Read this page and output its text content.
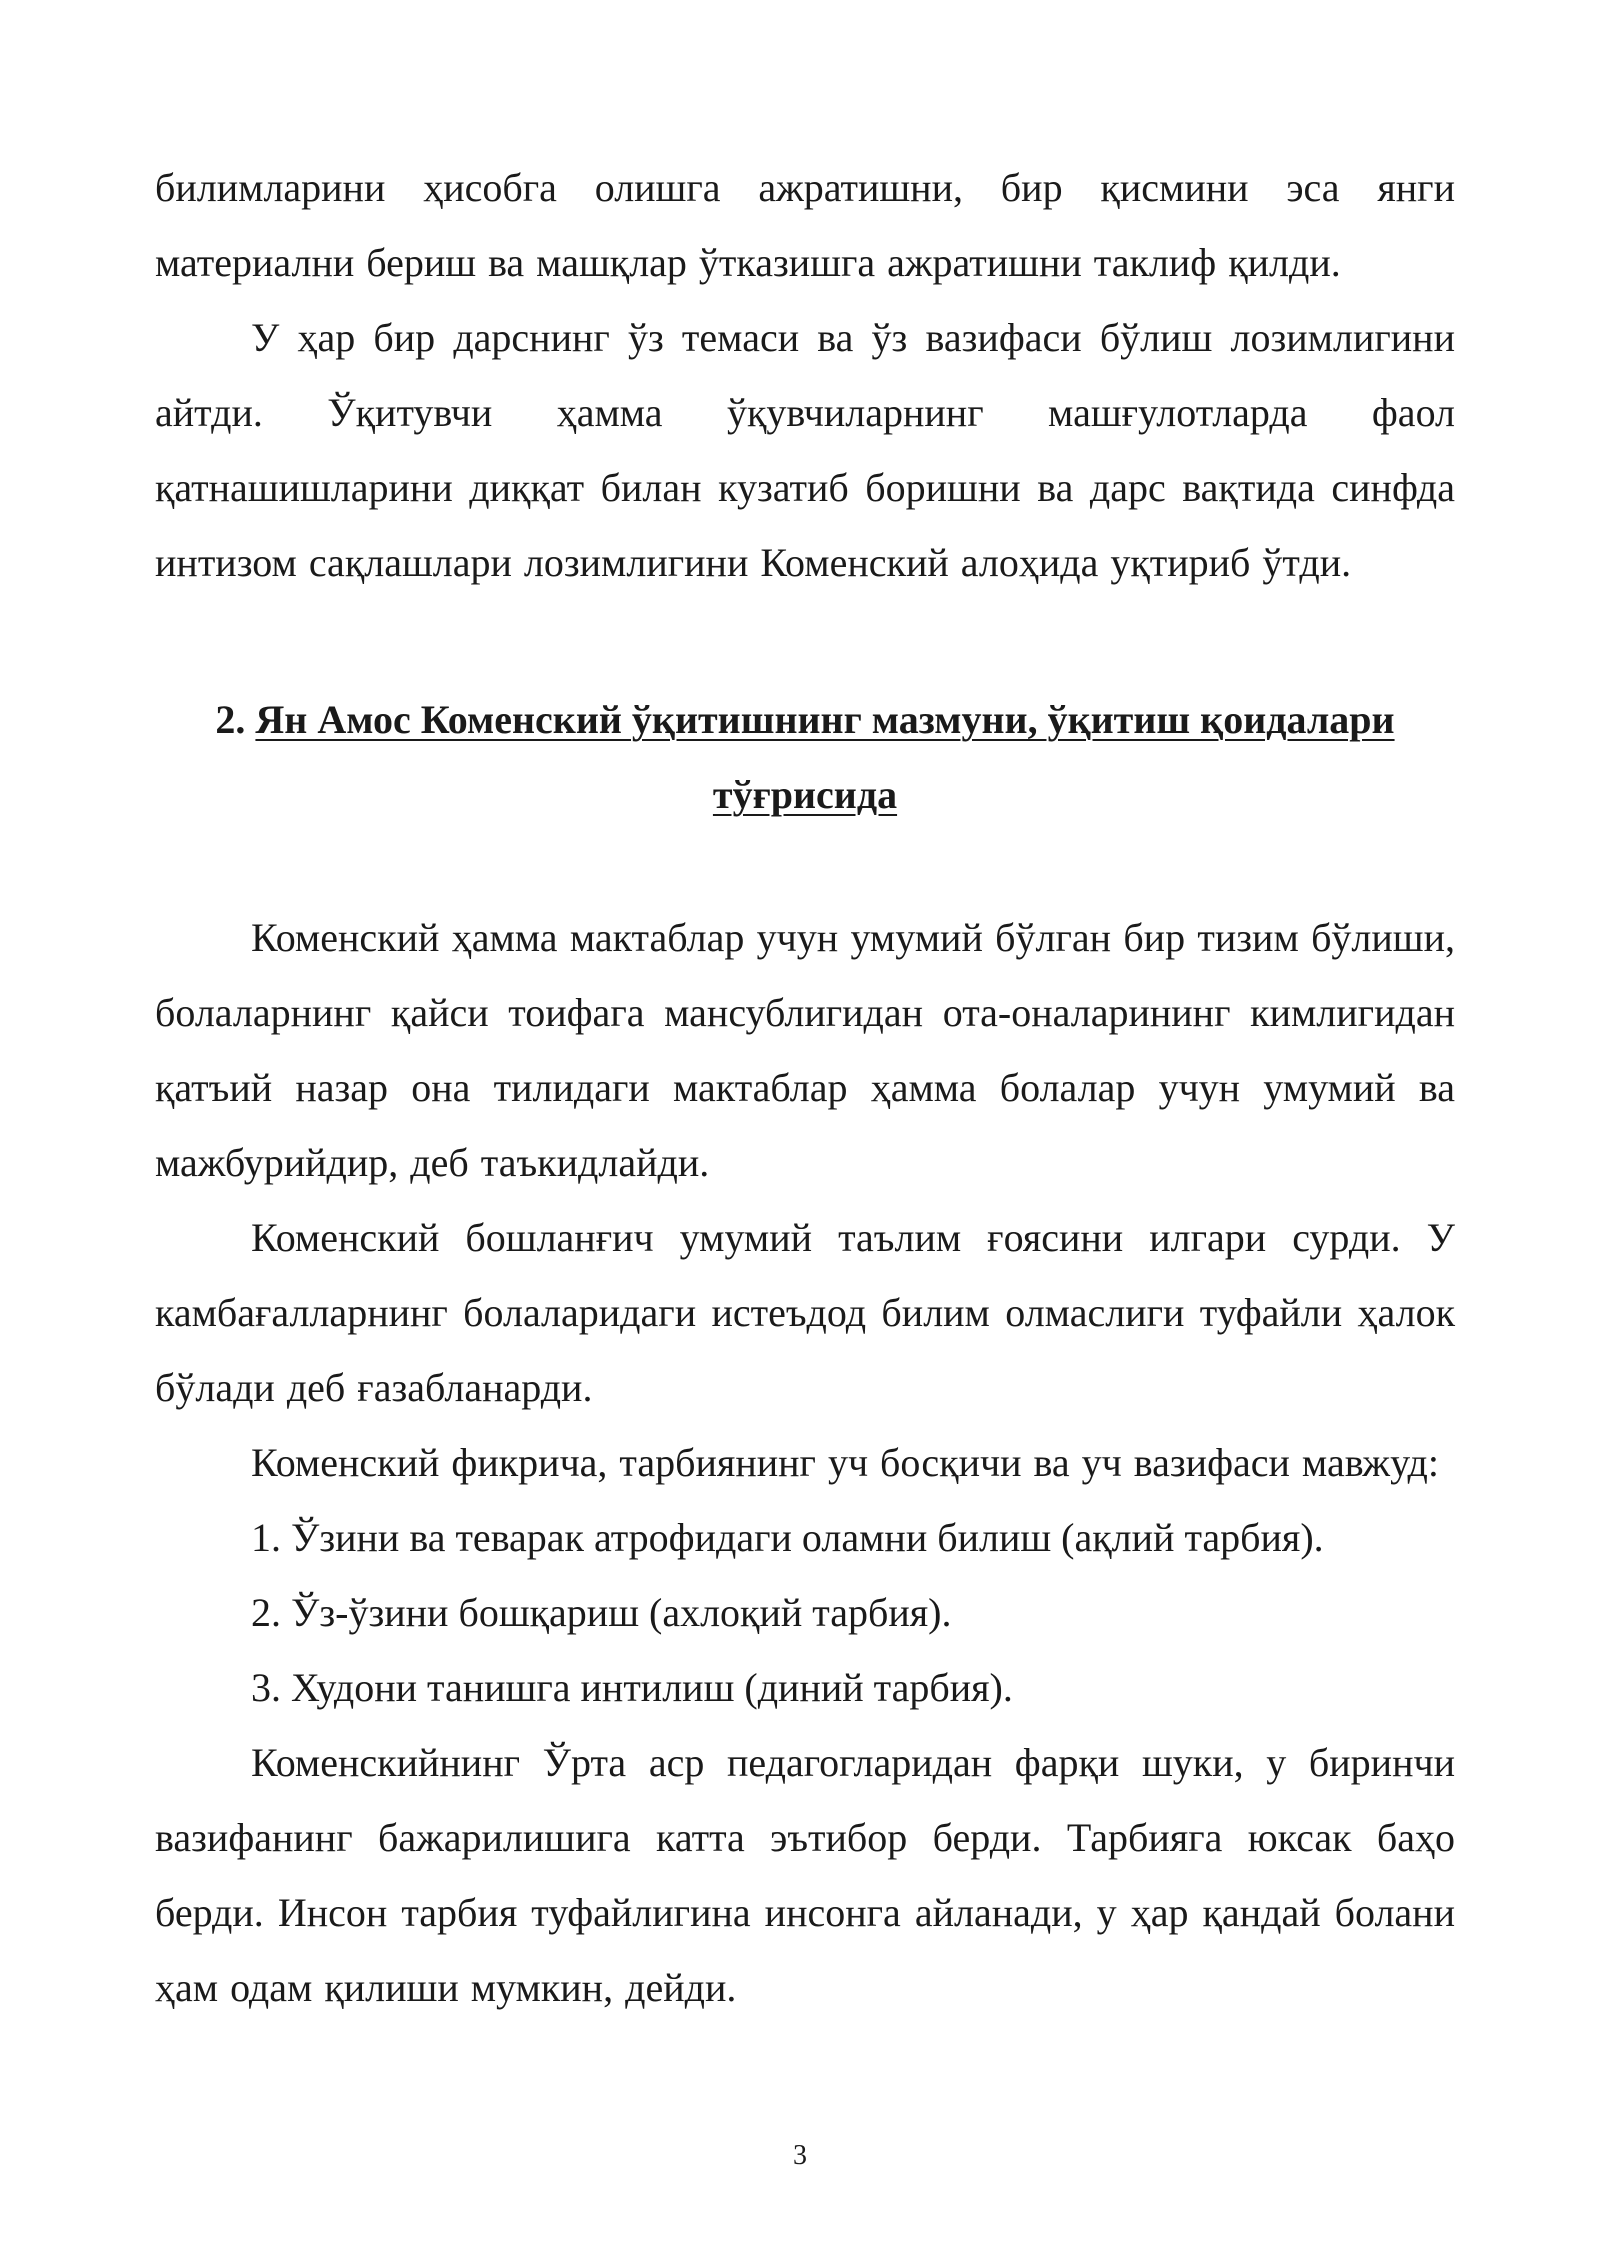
билимларини ҳисобга олишга ажратишни, бир қисмини эса янги материални бериш ва машқлар ўтказишга ажратишни таклиф қилди.

У ҳар бир дарснинг ўз темаси ва ўз вазифаси бўлиш лозимлигини айтди. Ўқитувчи ҳамма ўқувчиларнинг машғулотларда фаол қатнашишларини диққат билан кузатиб боришни ва дарс вақтида синфда интизом сақлашлари лозимлигини Коменский алоҳида уқтириб ўтди.

2. Ян Амос Коменский ўқитишнинг мазмуни, ўқитиш қоидалари тўғрисида

Коменский ҳамма мактаблар учун умумий бўлган бир тизим бўлиши, болаларнинг қайси тоифага мансублигидан ота-оналарининг кимлигидан қатъий назар она тилидаги мактаблар ҳамма болалар учун умумий ва мажбурийдир, деб таъкидлайди.

Коменский бошланғич умумий таълим ғоясини илгари сурди. У камбағалларнинг болаларидаги истеъдод билим олмаслиги туфайли ҳалок бўлади деб ғазабланарди.

Коменский фикрича, тарбиянинг уч босқичи ва уч вазифаси мавжуд:

1. Ўзини ва теварак атрофидаги оламни билиш (ақлий тарбия).

2. Ўз-ўзини бошқариш (ахлоқий тарбия).

3. Худони танишга интилиш (диний тарбия).

Коменскийнинг Ўрта аср педагогларидан фарқи шуки, у биринчи вазифанинг бажарилишига катта эътибор берди. Тарбияга юксак баҳо берди. Инсон тарбия туфайлигина инсонга айланади, у ҳар қандай болани ҳам одам қилиши мумкин, дейди.

3
